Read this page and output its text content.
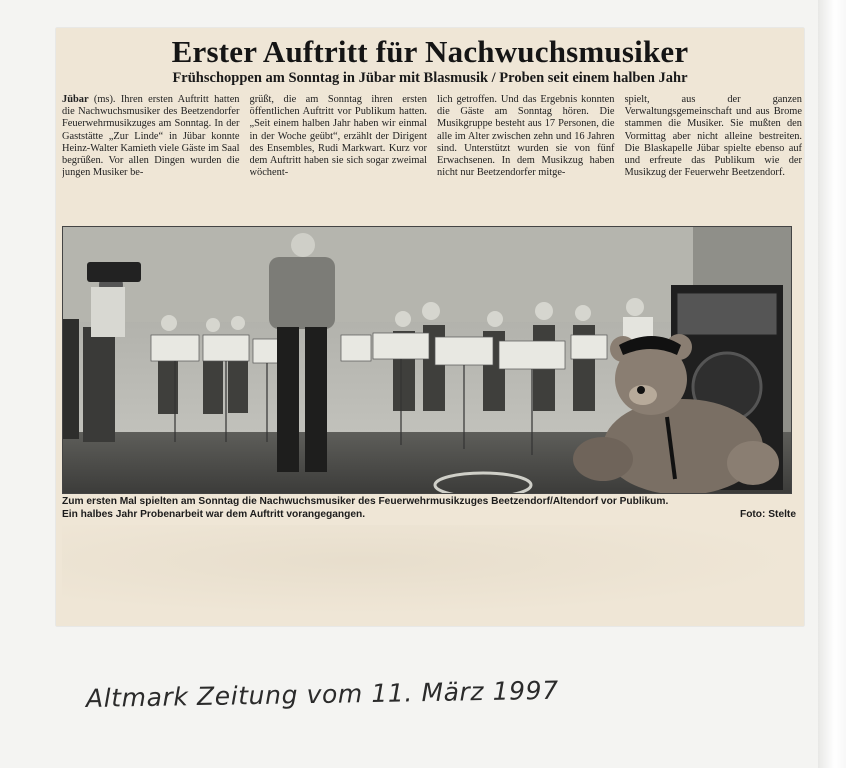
Erster Auftritt für Nachwuchsmusiker
Frühschoppen am Sonntag in Jübar mit Blasmusik / Proben seit einem halben Jahr

Jübar (ms). Ihren ersten Auftritt hatten die Nachwuchsmusiker des Beetzendorfer Feuerwehrmusikzuges am Sonntag. In der Gaststätte „Zur Linde“ in Jübar konnte Heinz-Walter Kamieth viele Gäste im Saal begrüßen. Vor allen Dingen wurden die jungen Musiker be-

grüßt, die am Sonntag ihren ersten öffentlichen Auftritt vor Publikum hatten. „Seit einem halben Jahr haben wir einmal in der Woche geübt“, erzählt der Dirigent des Ensembles, Rudi Markwart. Kurz vor dem Auftritt haben sie sich sogar zweimal wöchent-

lich getroffen. Und das Ergebnis konnten die Gäste am Sonntag hören. Die Musikgruppe besteht aus 17 Personen, die alle im Alter zwischen zehn und 16 Jahren sind. Unterstützt wurden sie von fünf Erwachsenen. In dem Musikzug haben nicht nur Beetzendorfer mitge-

spielt, aus der ganzen Verwaltungsgemeinschaft und aus Brome stammen die Musiker. Sie mußten den Vormittag aber nicht alleine bestreiten. Die Blaskapelle Jübar spielte ebenso auf und erfreute das Publikum wie der Musikzug der Feuerwehr Beetzendorf.

Zum ersten Mal spielten am Sonntag die Nachwuchsmusiker des Feuerwehrmusikzuges Beetzendorf/Altendorf vor Publikum.
Ein halbes Jahr Probenarbeit war dem Auftritt vorangegangen.	Foto: Stelte
Altmark Zeitung vom 11. März 1997
